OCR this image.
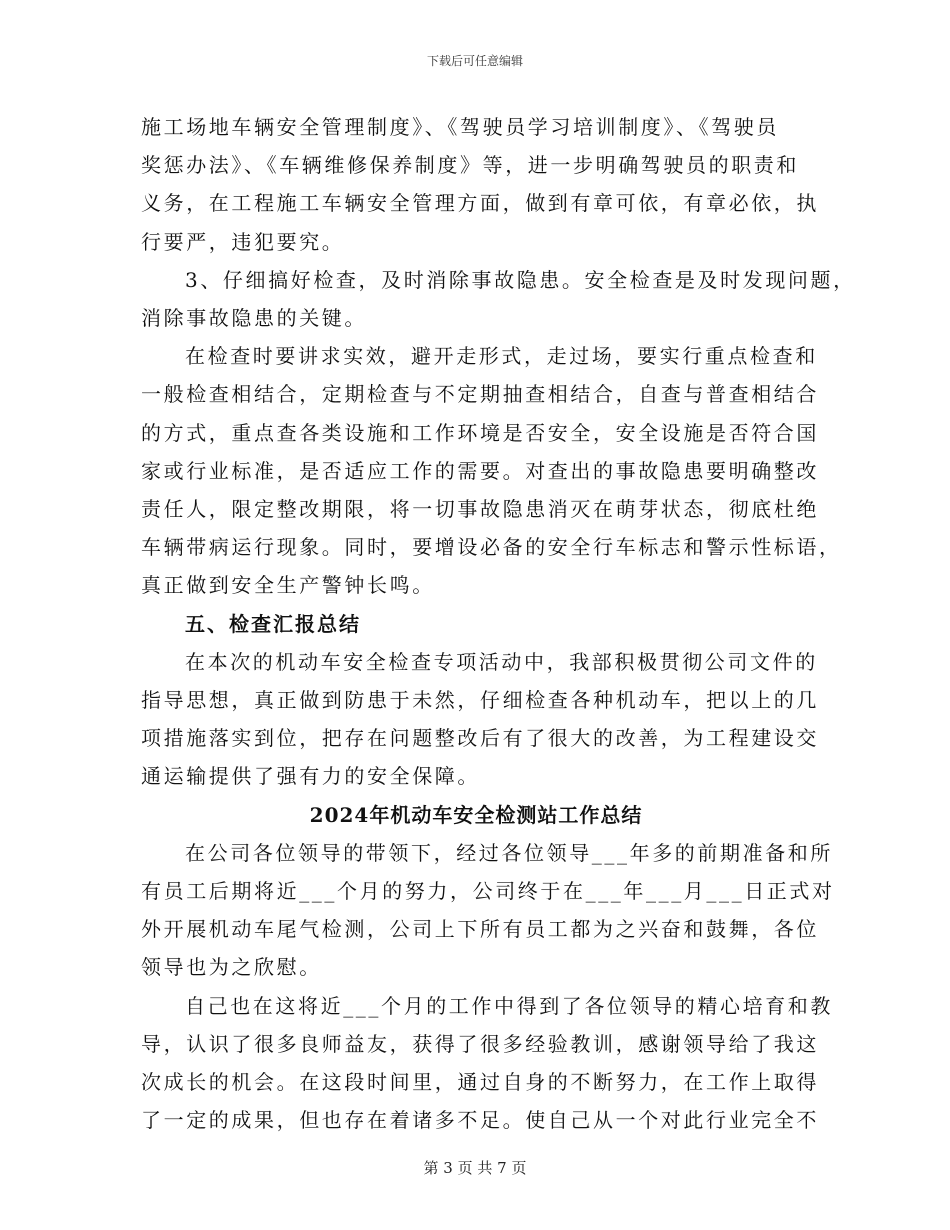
下载后可任意编辑
施工场地车辆安全管理制度》、《驾驶员学习培训制度》、《驾驶员
奖惩办法》、《车辆维修保养制度》等，进一步明确驾驶员的职责和
义务，在工程施工车辆安全管理方面，做到有章可依，有章必依，执
行要严，违犯要究。
3、仔细搞好检查，及时消除事故隐患。安全检查是及时发现问题，
消除事故隐患的关键。
在检查时要讲求实效，避开走形式，走过场，要实行重点检查和
一般检查相结合，定期检查与不定期抽查相结合，自查与普查相结合
的方式，重点查各类设施和工作环境是否安全，安全设施是否符合国
家或行业标准，是否适应工作的需要。对查出的事故隐患要明确整改
责任人，限定整改期限，将一切事故隐患消灭在萌芽状态，彻底杜绝
车辆带病运行现象。同时，要增设必备的安全行车标志和警示性标语，
真正做到安全生产警钟长鸣。
五、检查汇报总结
在本次的机动车安全检查专项活动中，我部积极贯彻公司文件的
指导思想，真正做到防患于未然，仔细检查各种机动车，把以上的几
项措施落实到位，把存在问题整改后有了很大的改善，为工程建设交
通运输提供了强有力的安全保障。
2024年机动车安全检测站工作总结
在公司各位领导的带领下，经过各位领导___年多的前期准备和所
有员工后期将近___个月的努力，公司终于在___年___月___日正式对
外开展机动车尾气检测，公司上下所有员工都为之兴奋和鼓舞，各位
领导也为之欣慰。
自己也在这将近___个月的工作中得到了各位领导的精心培育和教
导，认识了很多良师益友，获得了很多经验教训，感谢领导给了我这
次成长的机会。在这段时间里，通过自身的不断努力，在工作上取得
了一定的成果，但也存在着诸多不足。使自己从一个对此行业完全不
第 3 页 共 7 页
